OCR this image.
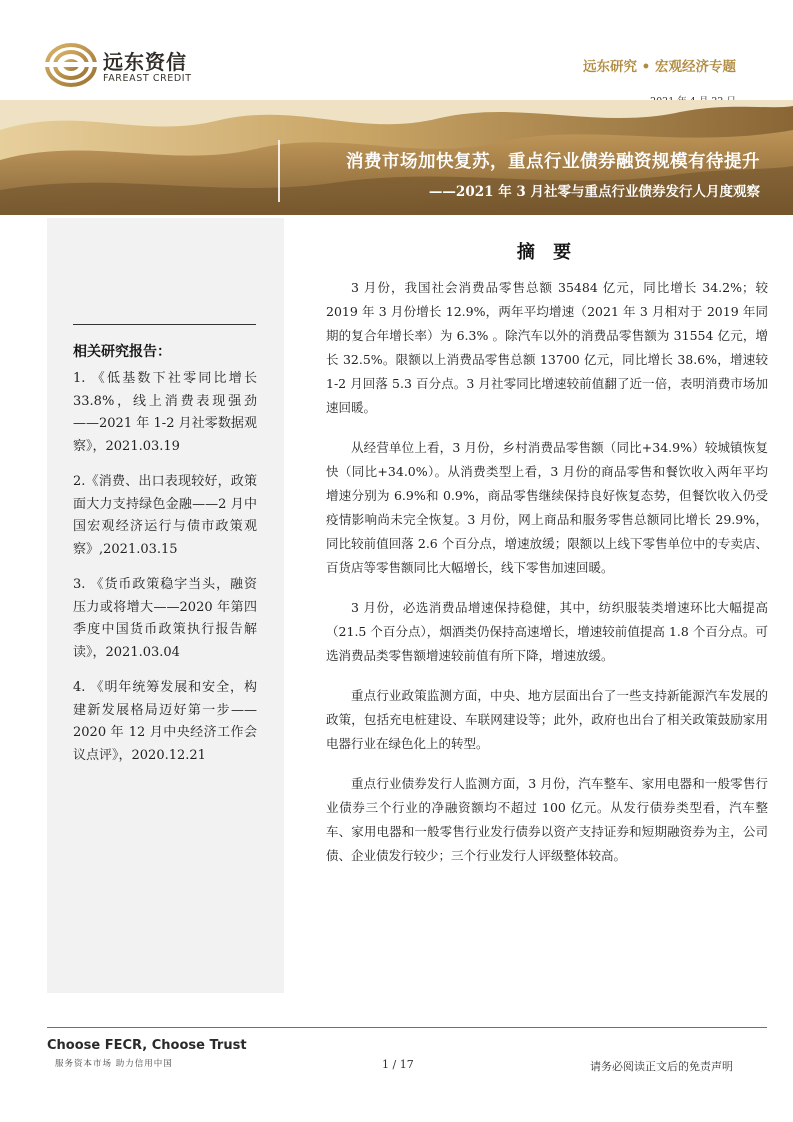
远东资信
FAREAST CREDIT
远东研究 • 宏观经济专题
消费市场加快复苏，重点行业债券融资规模有待提升
——2021 年 3 月社零与重点行业债券发行人月度观察
相关研究报告：
1. 《低基数下社零同比增长 33.8%，线上消费表现强劲——2021 年 1-2 月社零数据观察》，2021.03.19
2.《消费、出口表现较好，政策面大力支持绿色金融——2 月中国宏观经济运行与债市政策观察》,2021.03.15
3. 《货币政策稳字当头，融资压力或将增大——2020 年第四季度中国货币政策执行报告解读》，2021.03.04
4. 《明年统筹发展和安全，构建新发展格局迈好第一步——2020 年 12 月中央经济工作会议点评》，2020.12.21
摘 要

3 月份，我国社会消费品零售总额 35484 亿元，同比增长 34.2%；较 2019 年 3 月份增长 12.9%，两年平均增速（2021 年 3 月相对于 2019 年同期的复合年增长率）为 6.3% 。除汽车以外的消费品零售额为 31554 亿元，增长 32.5%。限额以上消费品零售总额 13700 亿元，同比增长 38.6%，增速较 1-2 月回落 5.3 百分点。3 月社零同比增速较前值翻了近一倍，表明消费市场加速回暖。

从经营单位上看，3 月份，乡村消费品零售额（同比+34.9%）较城镇恢复快（同比+34.0%）。从消费类型上看，3 月份的商品零售和餐饮收入两年平均增速分别为 6.9%和 0.9%，商品零售继续保持良好恢复态势，但餐饮收入仍受疫情影响尚未完全恢复。3 月份，网上商品和服务零售总额同比增长 29.9%，同比较前值回落 2.6 个百分点，增速放缓；限额以上线下零售单位中的专卖店、百货店等零售额同比大幅增长，线下零售加速回暖。

3 月份，必选消费品增速保持稳健，其中，纺织服装类增速环比大幅提高（21.5 个百分点），烟酒类仍保持高速增长，增速较前值提高 1.8 个百分点。可选消费品类零售额增速较前值有所下降，增速放缓。

重点行业政策监测方面，中央、地方层面出台了一些支持新能源汽车发展的政策，包括充电桩建设、车联网建设等；此外，政府也出台了相关政策鼓励家用电器行业在绿色化上的转型。

重点行业债券发行人监测方面，3 月份，汽车整车、家用电器和一般零售行业债券三个行业的净融资额均不超过 100 亿元。从发行债券类型看，汽车整车、家用电器和一般零售行业发行债券以资产支持证券和短期融资券为主，公司债、企业债发行较少；三个行业发行人评级整体较高。

Choose FECR, Choose Trust
服务资本市场 助力信用中国	1 / 17	请务必阅读正文后的免责声明
